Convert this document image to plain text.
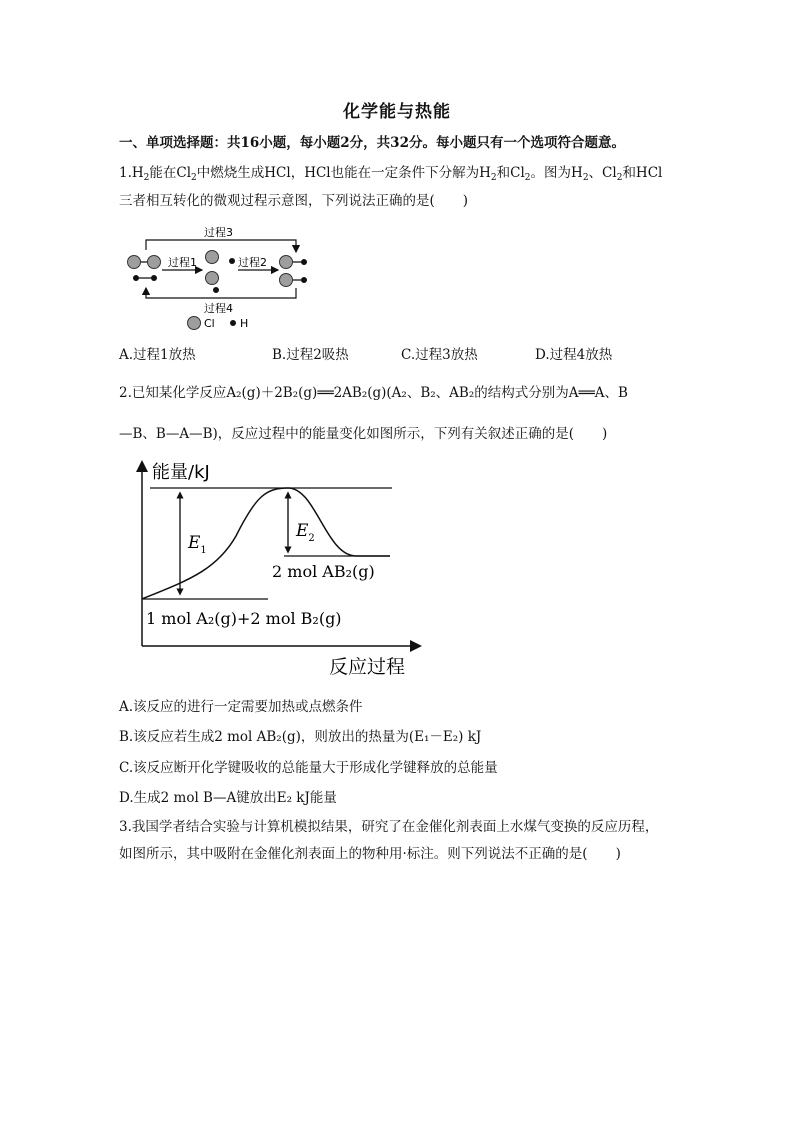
化学能与热能
一、单项选择题：共16小题，每小题2分，共32分。每小题只有一个选项符合题意。
$1.H_2$能在$Cl_2$中燃烧生成HCl，HCl也能在一定条件下分解为$H_2$和$Cl_2$。图为$H_2$、$Cl_2$和HCl
三者相互转化的微观过程示意图，下列说法正确的是( )
过程3
过程1	过程2
过程4
Cl H
A.过程1放热	B.过程2吸热	C.过程3放热	D.过程4放热
2.已知某化学反应A₂(g)＋2B₂(g)══2AB₂(g)(A₂、B₂、AB₂的结构式分别为A══A、B
—B、B—A—B)，反应过程中的能量变化如图所示，下列有关叙述正确的是( )
能量/kJ
反应过程
$E_1$
$E_2$
2 mol AB₂(g)
1 mol A₂(g)+2 mol B₂(g)
A.该反应的进行一定需要加热或点燃条件
B.该反应若生成2 mol AB₂(g)，则放出的热量为(E₁－E₂) kJ
C.该反应断开化学键吸收的总能量大于形成化学键释放的总能量
D.生成2 mol B—A键放出E₂ kJ能量
3.我国学者结合实验与计算机模拟结果，研究了在金催化剂表面上水煤气变换的反应历程，
如图所示，其中吸附在金催化剂表面上的物种用·标注。则下列说法不正确的是( )
